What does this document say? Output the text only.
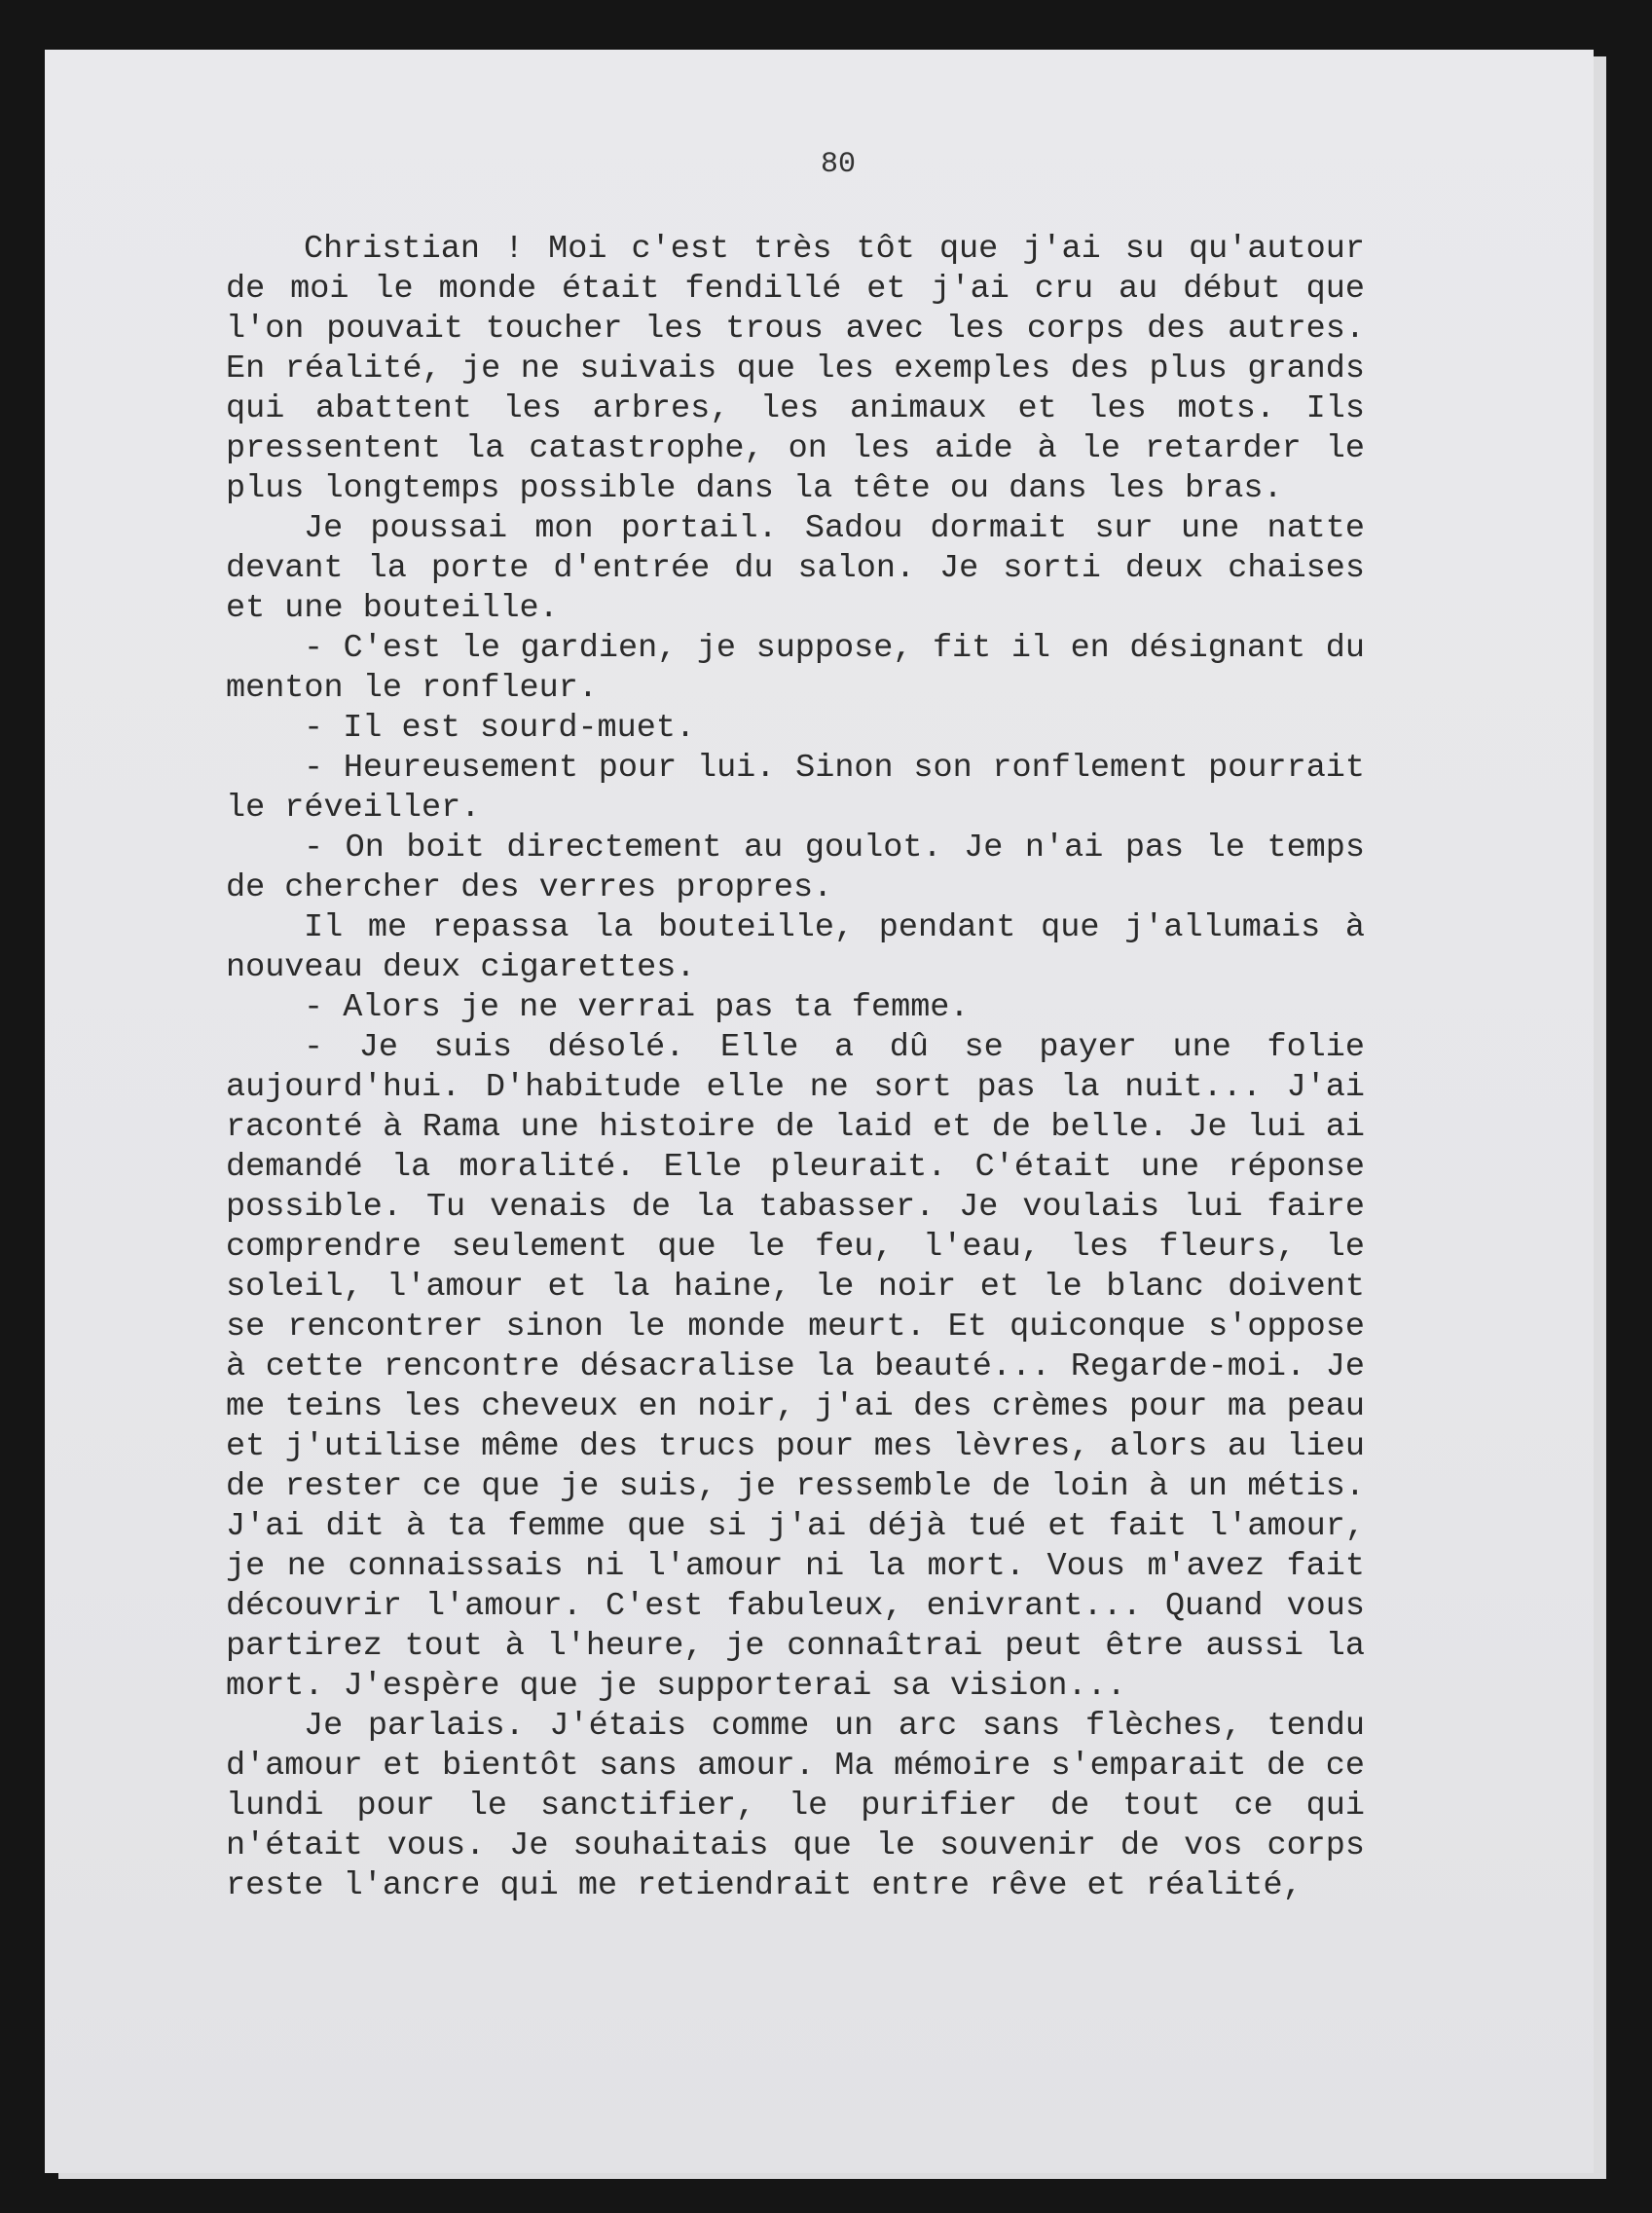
80

Christian ! Moi c'est très tôt que j'ai su qu'autour de moi le monde était fendillé et j'ai cru au début que l'on pouvait toucher les trous avec les corps des autres. En réalité, je ne suivais que les exemples des plus grands qui abattent les arbres, les animaux et les mots. Ils pressentent la catastrophe, on les aide à le retarder le plus longtemps possible dans la tête ou dans les bras.

Je poussai mon portail. Sadou dormait sur une natte devant la porte d'entrée du salon. Je sorti deux chaises et une bouteille.

- C'est le gardien, je suppose, fit il en désignant du menton le ronfleur.

- Il est sourd-muet.

- Heureusement pour lui. Sinon son ronflement pourrait le réveiller.

- On boit directement au goulot. Je n'ai pas le temps de chercher des verres propres.

Il me repassa la bouteille, pendant que j'allumais à nouveau deux cigarettes.

- Alors je ne verrai pas ta femme.

- Je suis désolé. Elle a dû se payer une folie aujourd'hui. D'habitude elle ne sort pas la nuit... J'ai raconté à Rama une histoire de laid et de belle. Je lui ai demandé la moralité. Elle pleurait. C'était une réponse possible. Tu venais de la tabasser. Je voulais lui faire comprendre seulement que le feu, l'eau, les fleurs, le soleil, l'amour et la haine, le noir et le blanc doivent se rencontrer sinon le monde meurt. Et quiconque s'oppose à cette rencontre désacralise la beauté... Regarde-moi. Je me teins les cheveux en noir, j'ai des crèmes pour ma peau et j'utilise même des trucs pour mes lèvres, alors au lieu de rester ce que je suis, je ressemble de loin à un métis. J'ai dit à ta femme que si j'ai déjà tué et fait l'amour, je ne connaissais ni l'amour ni la mort. Vous m'avez fait découvrir l'amour. C'est fabuleux, enivrant... Quand vous partirez tout à l'heure, je connaîtrai peut être aussi la mort. J'espère que je supporterai sa vision...

Je parlais. J'étais comme un arc sans flèches, tendu d'amour et bientôt sans amour. Ma mémoire s'emparait de ce lundi pour le sanctifier, le purifier de tout ce qui n'était vous. Je souhaitais que le souvenir de vos corps reste l'ancre qui me retiendrait entre rêve et réalité,
